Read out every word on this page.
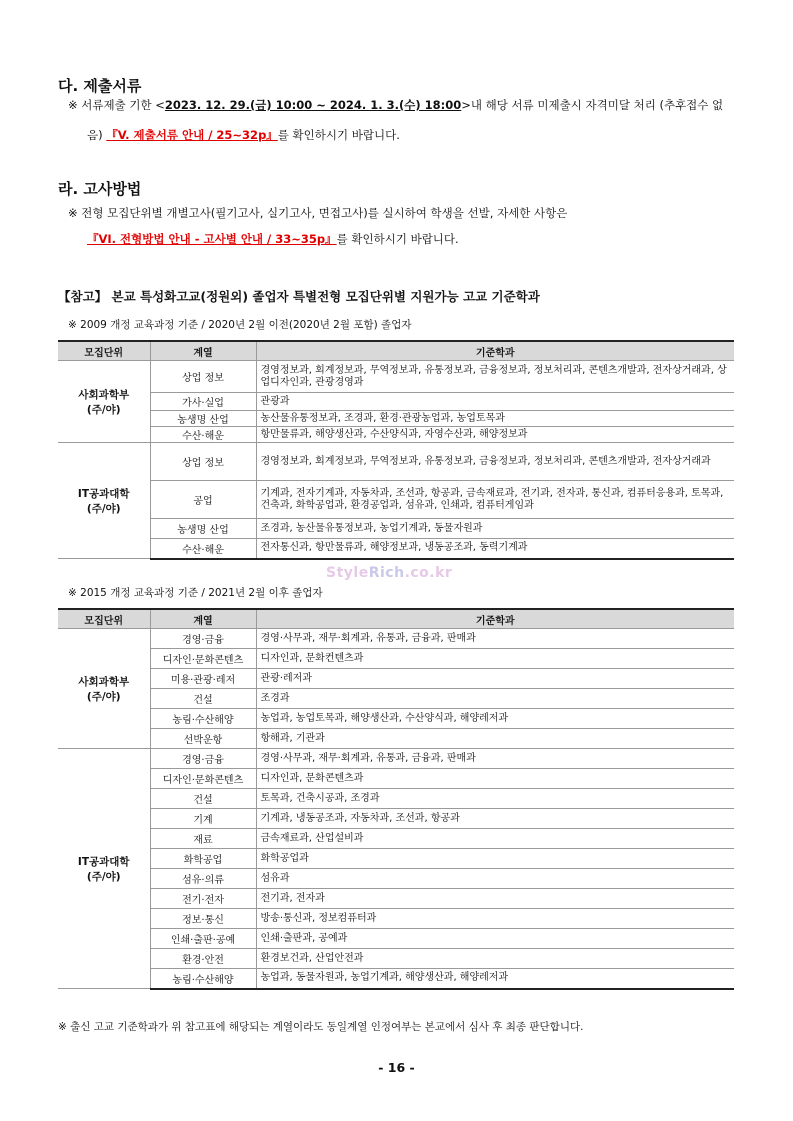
다. 제출서류
※ 서류제출 기한 <2023. 12. 29.(금) 10:00 ~ 2024. 1. 3.(수) 18:00>내 해당 서류 미제출시 자격미달 처리 (추후접수 없
음) 『V. 제출서류 안내 / 25~32p』를 확인하시기 바랍니다.
라. 고사방법
※ 전형 모집단위별 개별고사(필기고사, 실기고사, 면접고사)를 실시하여 학생을 선발, 자세한 사항은
『VI. 전형방법 안내 - 고사별 안내 / 33~35p』를 확인하시기 바랍니다.
【참고】 본교 특성화고교(정원외) 졸업자 특별전형 모집단위별 지원가능 고교 기준학과
※ 2009 개정 교육과정 기준 / 2020년 2월 이전(2020년 2월 포함) 졸업자
모집단위	계열	기준학과

사회과학부
(주/야)	상업 정보	경영정보과, 회계정보과, 무역정보과, 유통정보과, 금융정보과, 정보처리과, 콘텐츠개발과, 전자상거래과, 상업디자인과, 관광경영과
	가사·실업	관광과
	농생명 산업	농산물유통정보과, 조경과, 환경·관광농업과, 농업토목과
	수산·해운	항만물류과, 해양생산과, 수산양식과, 자영수산과, 해양정보과

IT공과대학
(주/야)	상업 정보	경영정보과, 회계정보과, 무역정보과, 유통정보과, 금융정보과, 정보처리과, 콘텐츠개발과, 전자상거래과
	공업	기계과, 전자기계과, 자동차과, 조선과, 항공과, 금속재료과, 전기과, 전자과, 통신과, 컴퓨터응용과, 토목과, 건축과, 화학공업과, 환경공업과, 섬유과, 인쇄과, 컴퓨터게임과
	농생명 산업	조경과, 농산물유통정보과, 농업기계과, 동물자원과
	수산·해운	전자통신과, 항만물류과, 해양정보과, 냉동공조과, 동력기계과
StyleRich.co.kr
※ 2015 개정 교육과정 기준 / 2021년 2월 이후 졸업자
모집단위	계열	기준학과

사회과학부
(주/야)	경영·금융	경영·사무과, 재무·회계과, 유통과, 금융과, 판매과
	디자인·문화콘텐츠	디자인과, 문화컨텐츠과
	미용·관광·레저	관광·레저과
	건설	조경과
	농림·수산해양	농업과, 농업토목과, 해양생산과, 수산양식과, 해양레저과
	선박운항	항해과, 기관과

IT공과대학
(주/야)	경영·금융	경영·사무과, 재무·회계과, 유통과, 금융과, 판매과
	디자인·문화콘텐츠	디자인과, 문화콘텐츠과
	건설	토목과, 건축시공과, 조경과
	기계	기계과, 냉동공조과, 자동차과, 조선과, 항공과
	재료	금속재료과, 산업설비과
	화학공업	화학공업과
	섬유·의류	섬유과
	전기·전자	전기과, 전자과
	정보·통신	방송·통신과, 정보컴퓨터과
	인쇄·출판·공예	인쇄·출판과, 공예과
	환경·안전	환경보건과, 산업안전과
	농림·수산해양	농업과, 동물자원과, 농업기계과, 해양생산과, 해양레저과
※ 출신 고교 기준학과가 위 참고표에 해당되는 계열이라도 동일계열 인정여부는 본교에서 심사 후 최종 판단합니다.
- 16 -
